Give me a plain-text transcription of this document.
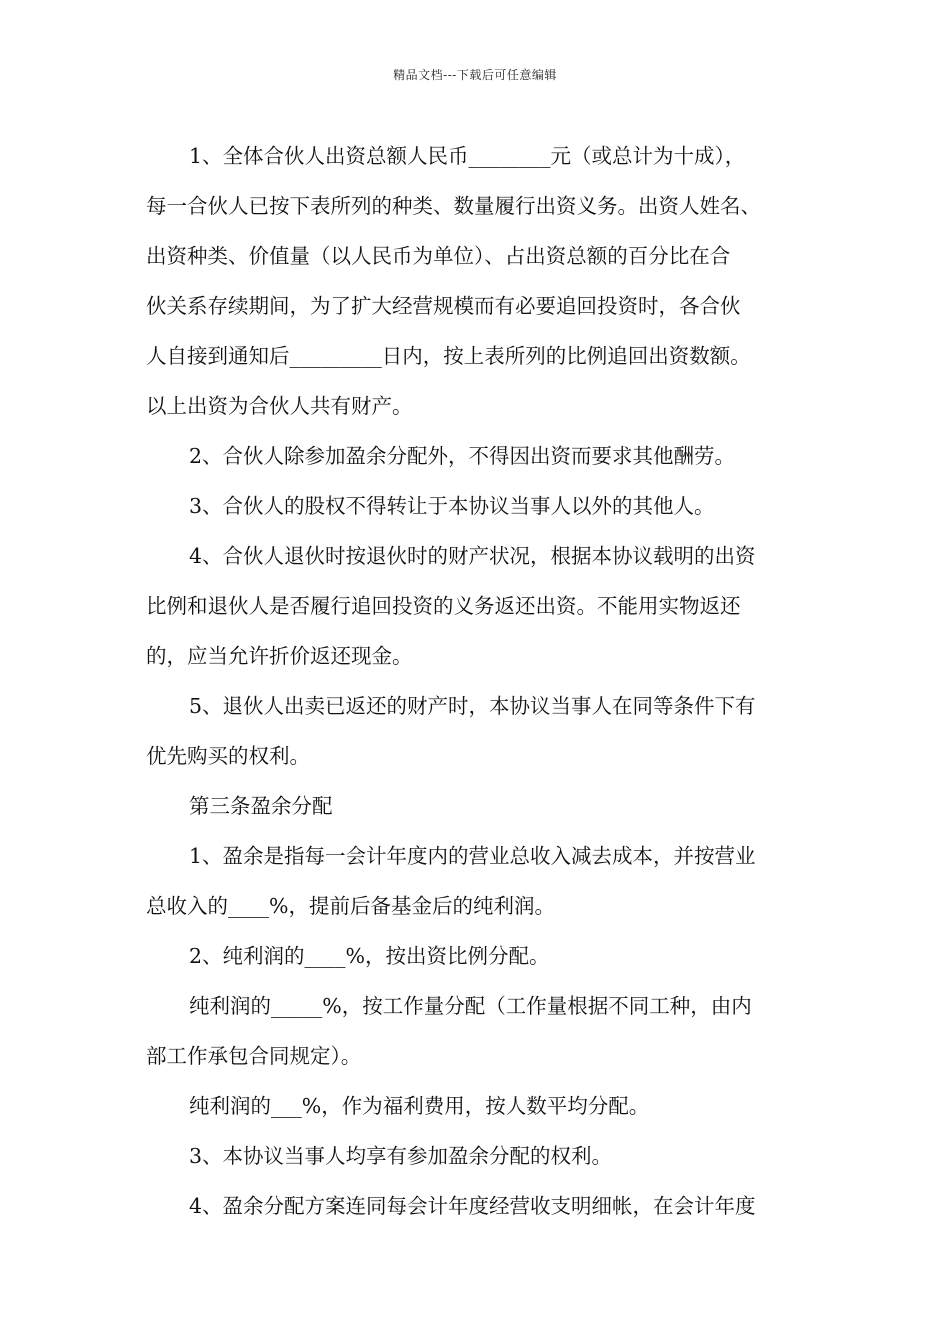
精品文档---下载后可任意编辑

1、全体合伙人出资总额人民币________元（或总计为十成），

每一合伙人已按下表所列的种类、数量履行出资义务。出资人姓名、

出资种类、价值量（以人民币为单位）、占出资总额的百分比在合

伙关系存续期间，为了扩大经营规模而有必要追回投资时，各合伙

人自接到通知后_________日内，按上表所列的比例追回出资数额。

以上出资为合伙人共有财产。

2、合伙人除参加盈余分配外，不得因出资而要求其他酬劳。

3、合伙人的股权不得转让于本协议当事人以外的其他人。

4、合伙人退伙时按退伙时的财产状况，根据本协议载明的出资

比例和退伙人是否履行追回投资的义务返还出资。不能用实物返还

的，应当允许折价返还现金。

5、退伙人出卖已返还的财产时，本协议当事人在同等条件下有

优先购买的权利。

第三条盈余分配

1、盈余是指每一会计年度内的营业总收入减去成本，并按营业

总收入的____%，提前后备基金后的纯利润。

2、纯利润的____%，按出资比例分配。

纯利润的_____%，按工作量分配（工作量根据不同工种，由内

部工作承包合同规定）。

纯利润的___%，作为福利费用，按人数平均分配。

3、本协议当事人均享有参加盈余分配的权利。

4、盈余分配方案连同每会计年度经营收支明细帐，在会计年度
